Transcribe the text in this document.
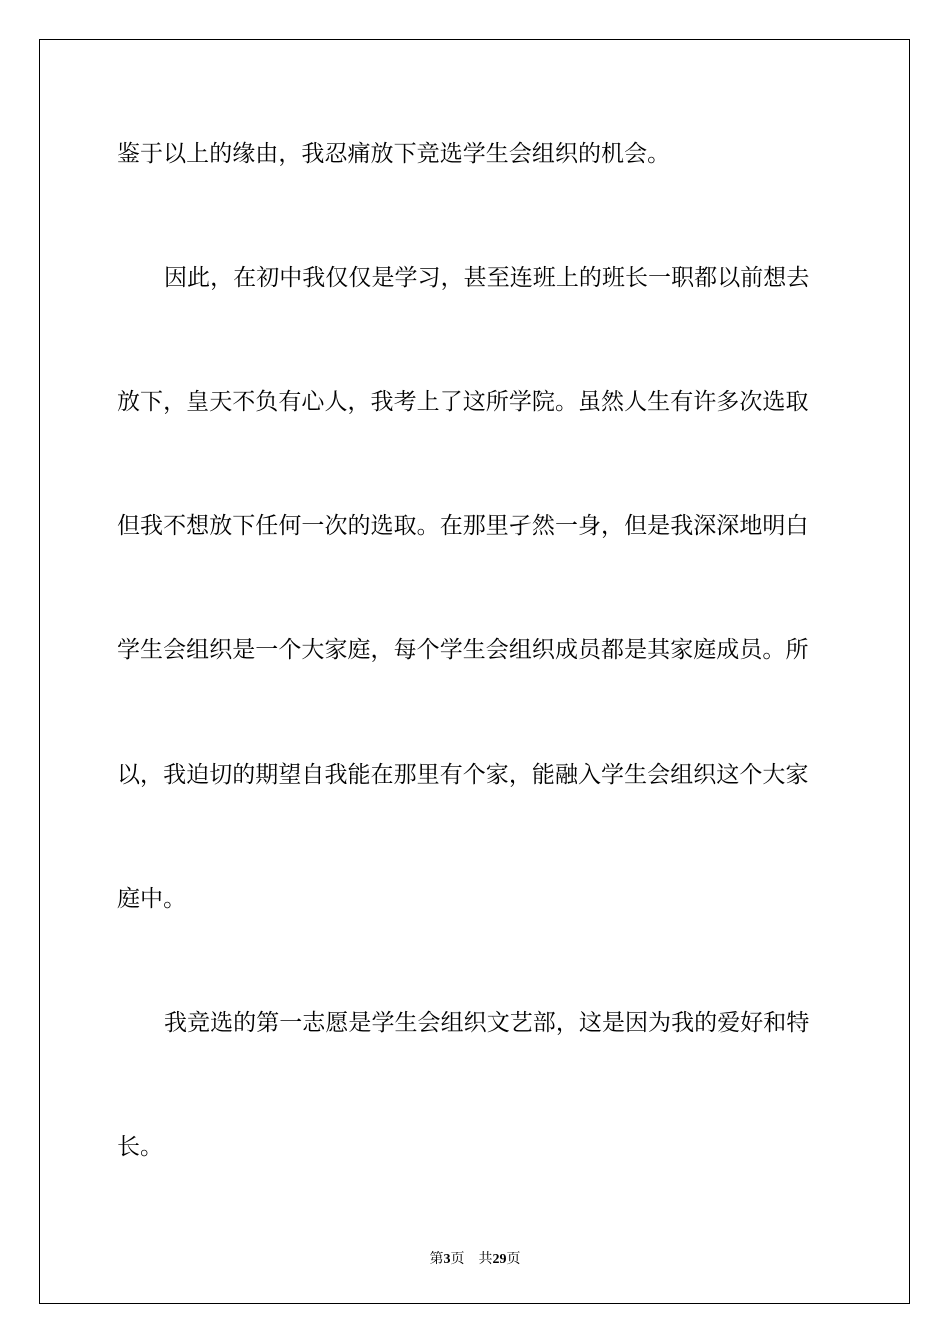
鉴于以上的缘由，我忍痛放下竞选学生会组织的机会。
因此，在初中我仅仅是学习，甚至连班上的班长一职都以前想去
放下，皇天不负有心人，我考上了这所学院。虽然人生有许多次选取
但我不想放下任何一次的选取。在那里孑然一身，但是我深深地明白
学生会组织是一个大家庭，每个学生会组织成员都是其家庭成员。所
以，我迫切的期望自我能在那里有个家，能融入学生会组织这个大家
庭中。
我竞选的第一志愿是学生会组织文艺部，这是因为我的爱好和特
长。
第3页 共29页
